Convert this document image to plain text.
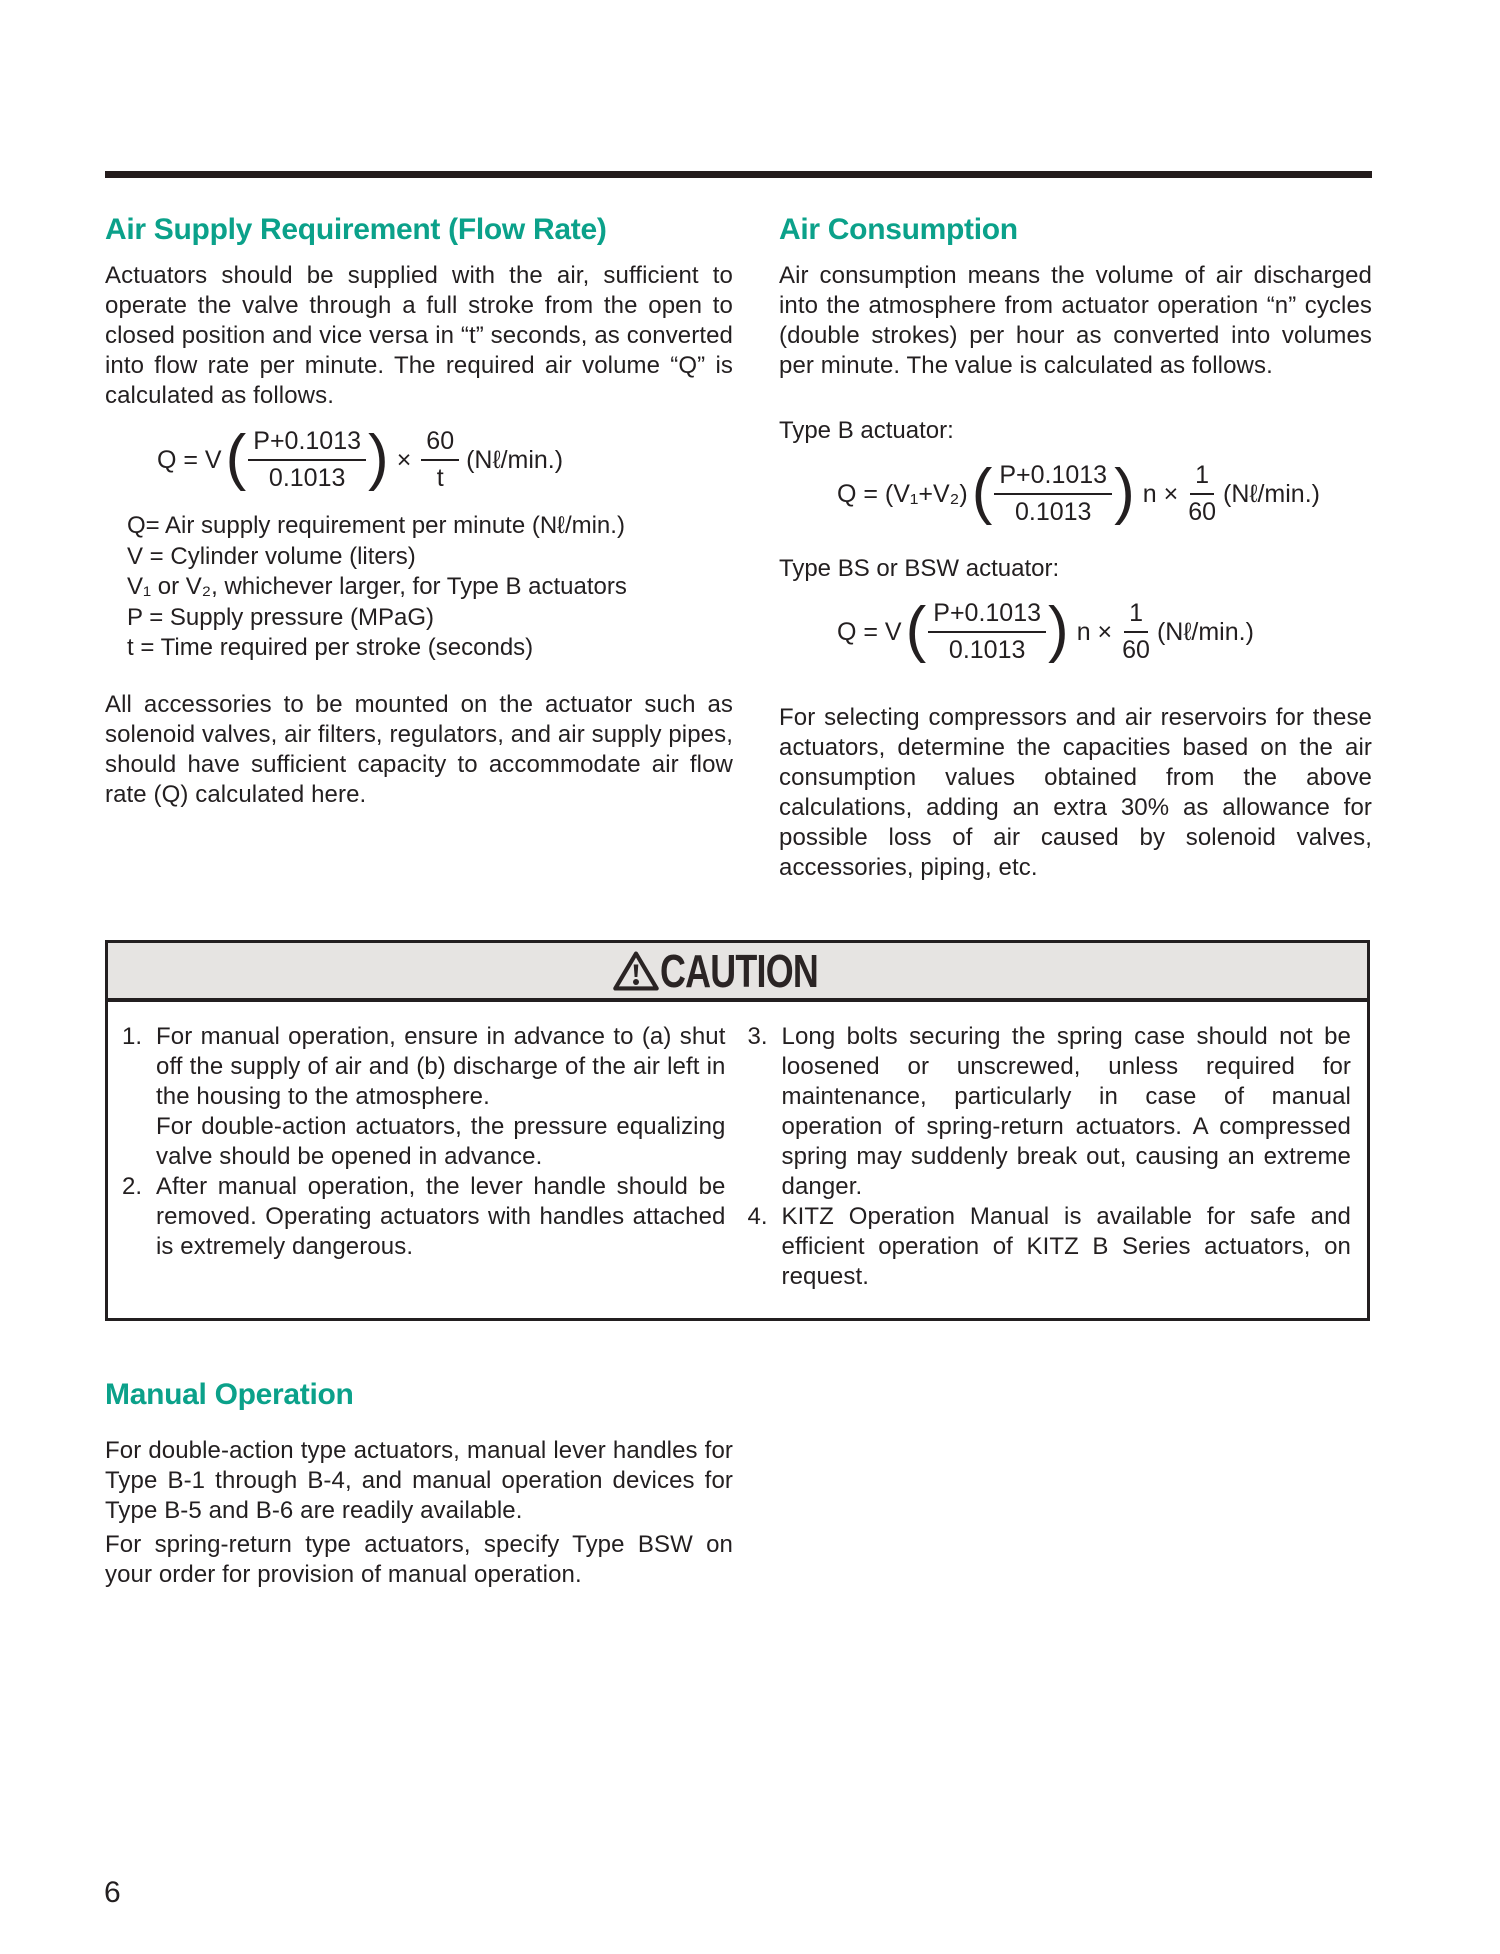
Air Supply Requirement (Flow Rate)
Actuators should be supplied with the air, sufficient to operate the valve through a full stroke from the open to closed position and vice versa in “t” seconds, as converted into flow rate per minute. The required air volume “Q” is calculated as follows.
Q = V ( $\frac{P+0.1013}{0.1013}$ ) × $\frac{60}{t}$ (Nℓ/min.)
Q= Air supply requirement per minute (Nℓ/min.)
V = Cylinder volume (liters)
V₁ or V₂, whichever larger, for Type B actuators
P = Supply pressure (MPaG)
t = Time required per stroke (seconds)
All accessories to be mounted on the actuator such as solenoid valves, air filters, regulators, and air supply pipes, should have sufficient capacity to accommodate air flow rate (Q) calculated here.
Air Consumption
Air consumption means the volume of air discharged into the atmosphere from actuator operation “n” cycles (double strokes) per hour as converted into volumes per minute. The value is calculated as follows.
Type B actuator:
Q = (V₁+V₂) ( $\frac{P+0.1013}{0.1013}$ ) $n \times \frac{1}{60}$ (Nℓ/min.)
Type BS or BSW actuator:
Q = V ( $\frac{P+0.1013}{0.1013}$ ) $n \times \frac{1}{60}$ (Nℓ/min.)
For selecting compressors and air reservoirs for these actuators, determine the capacities based on the air consumption values obtained from the above calculations, adding an extra 30% as allowance for possible loss of air caused by solenoid valves, accessories, piping, etc.
CAUTION
1. For manual operation, ensure in advance to (a) shut off the supply of air and (b) discharge of the air left in the housing to the atmosphere.
For double-action actuators, the pressure equalizing valve should be opened in advance.
2. After manual operation, the lever handle should be removed. Operating actuators with handles attached is extremely dangerous.
3. Long bolts securing the spring case should not be loosened or unscrewed, unless required for maintenance, particularly in case of manual operation of spring-return actuators. A compressed spring may suddenly break out, causing an extreme danger.
4. KITZ Operation Manual is available for safe and efficient operation of KITZ B Series actuators, on request.
Manual Operation
For double-action type actuators, manual lever handles for Type B-1 through B-4, and manual operation devices for Type B-5 and B-6 are readily available.
For spring-return type actuators, specify Type BSW on your order for provision of manual operation.
6
